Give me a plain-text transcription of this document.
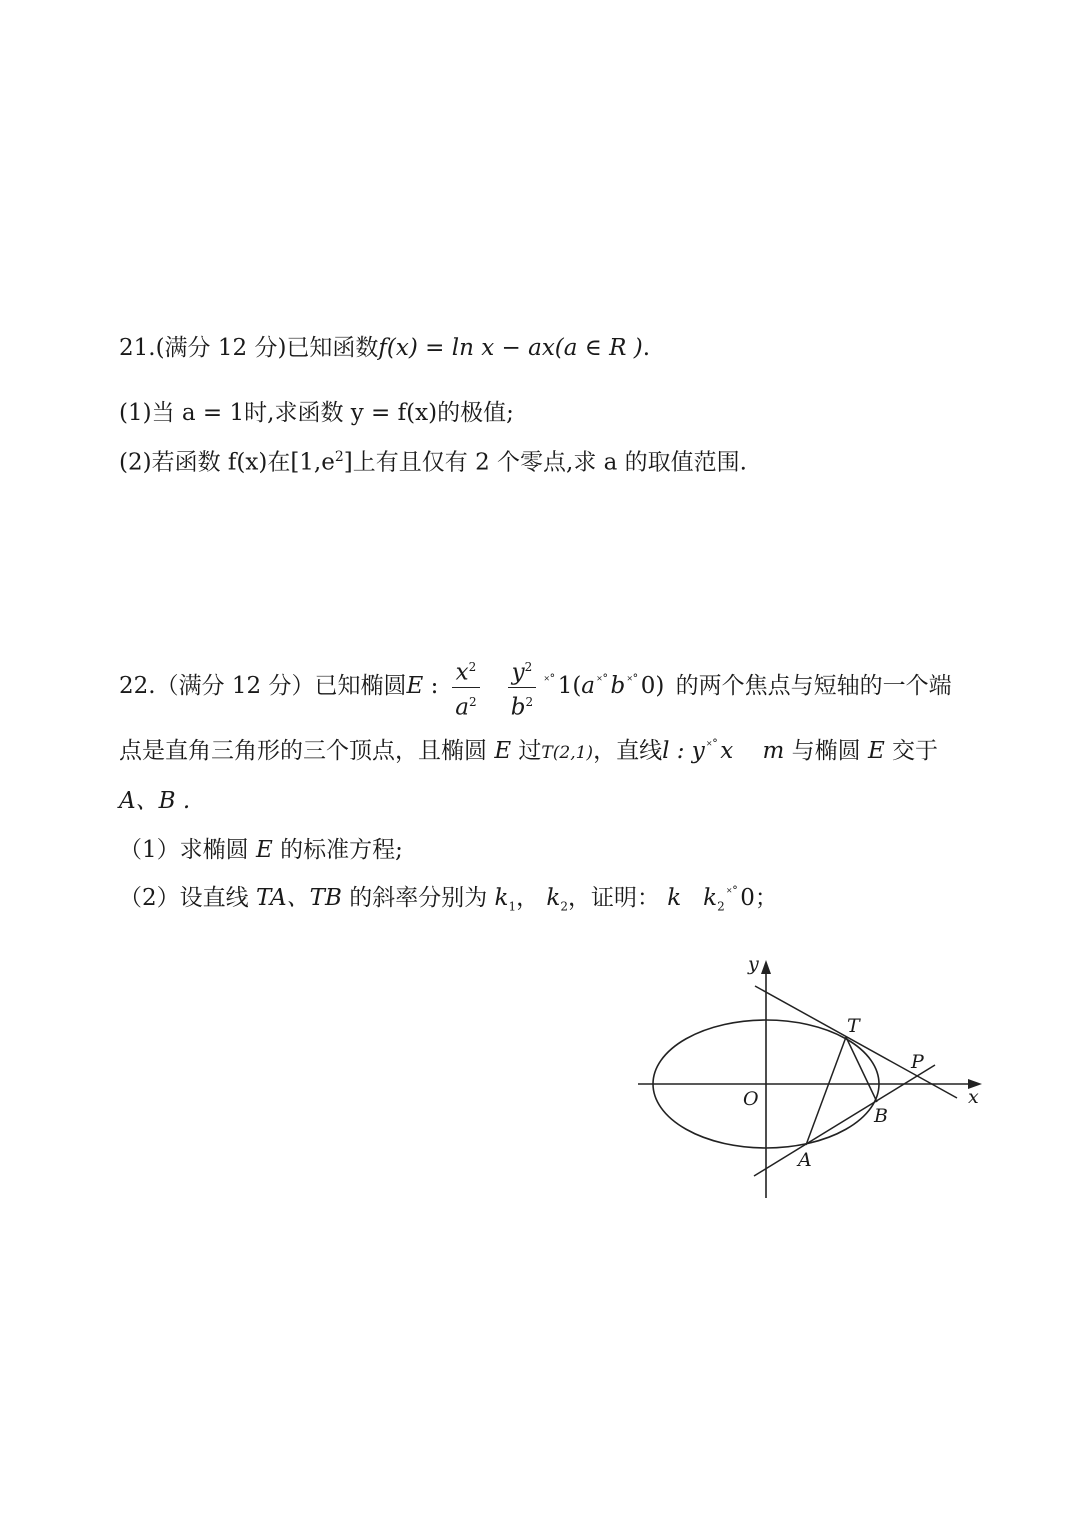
21.(满分 12 分)已知函数f(x) = ln x − ax(a ∈ R ).
(1)当 a = 1时,求函数 y = f(x)的极值;
(2)若函数 f(x)在$[1,e^2]$上有且仅有 2 个零点,求 a 的取值范围.
22.（满分 12 分）已知椭圆E : $\frac{x^2}{a^2}$
$\frac{y^2}{b^2} ^{˟˚}1(a$ ˟˚b ˟˚0) 的两个焦点与短轴的一个端
点是直角三角形的三个顶点，且椭圆 E 过T(2,1)，直线l : y ˟˚x m 与椭圆 E 交于
A、B .
（1）求椭圆 E 的标准方程;
（2）设直线 TA、TB 的斜率分别为 $k_1$， $k_2$，证明： k $k_2^{˟˚}0$；
y
x
O
T
P
B
A
